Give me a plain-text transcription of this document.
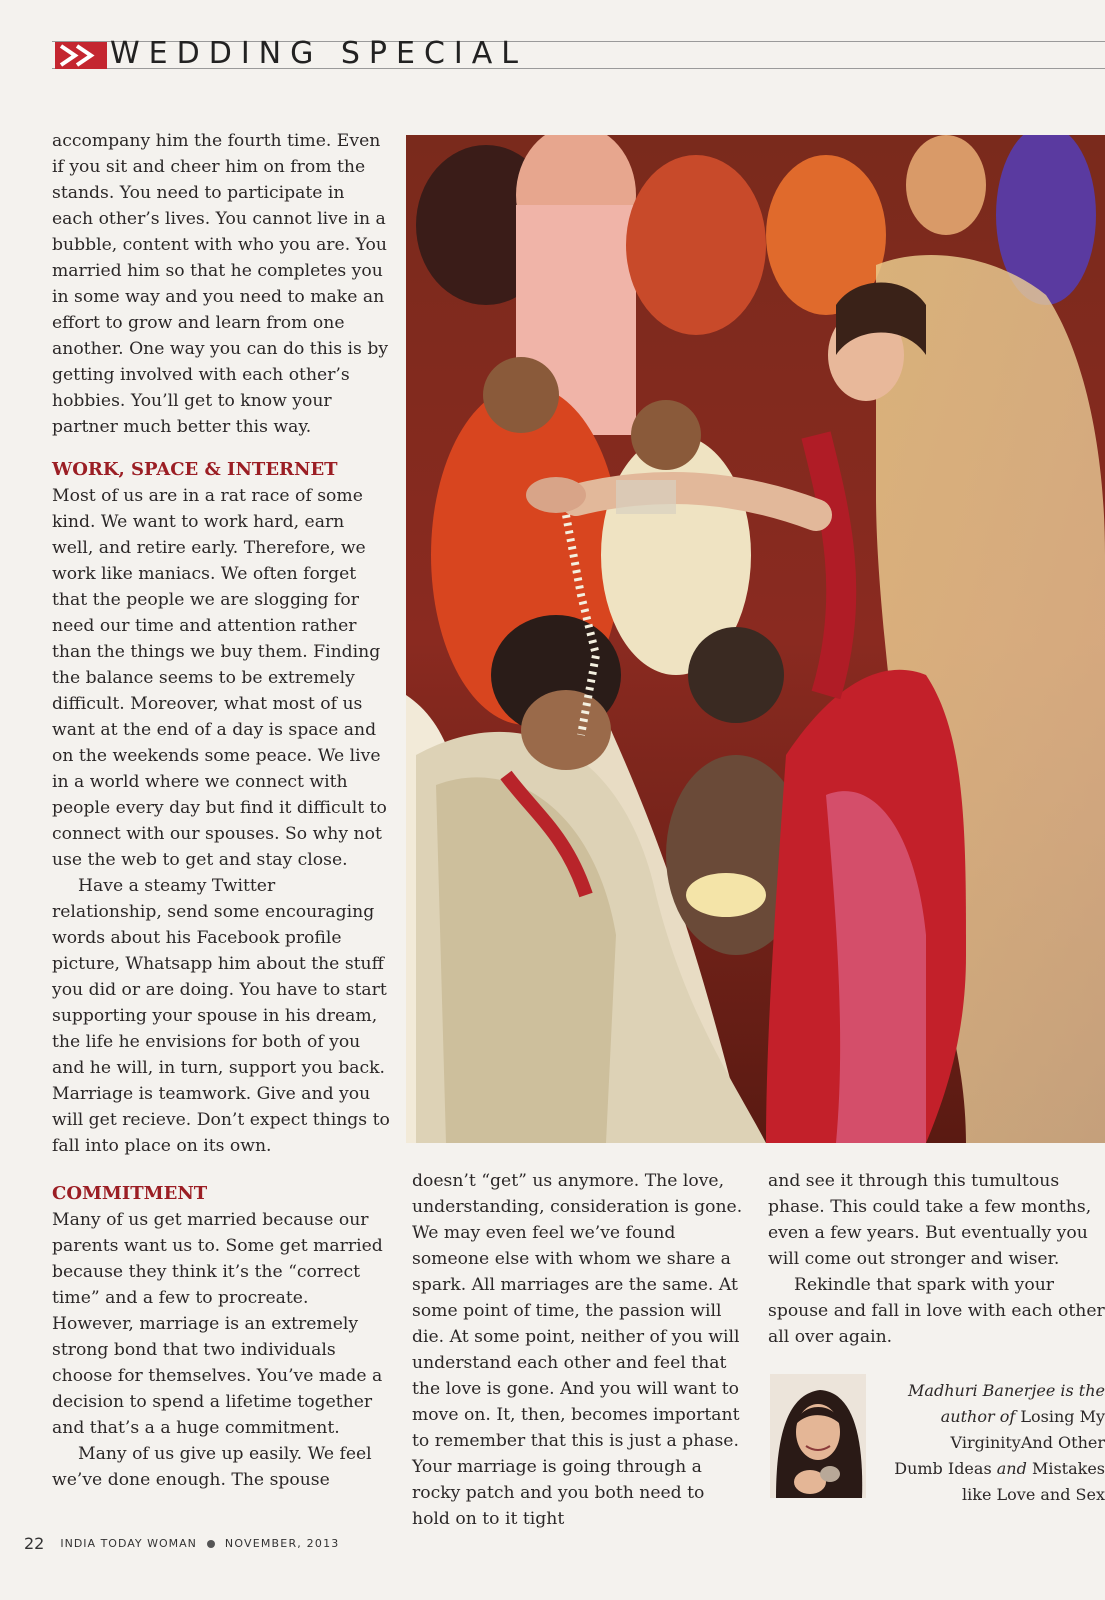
WEDDING SPECIAL

accompany him the fourth time. Even if you sit and cheer him on from the stands. You need to participate in each other’s lives. You cannot live in a bubble, content with who you are. You married him so that he completes you in some way and you need to make an effort to grow and learn from one another. One way you can do this is by getting involved with each other’s hobbies. You’ll get to know your partner much better this way.

WORK, SPACE & INTERNET

Most of us are in a rat race of some kind. We want to work hard, earn well, and retire early. Therefore, we work like maniacs. We often forget that the people we are slogging for need our time and attention rather than the things we buy them. Finding the balance seems to be extremely difficult. Moreover, what most of us want at the end of a day is space and on the weekends some peace. We live in a world where we connect with people every day but find it difficult to connect with our spouses. So why not use the web to get and stay close.

Have a steamy Twitter relationship, send some encouraging words about his Facebook profile picture, Whatsapp him about the stuff you did or are doing. You have to start supporting your spouse in his dream, the life he envisions for both of you and he will, in turn, support you back. Marriage is teamwork. Give and you will get recieve. Don’t expect things to fall into place on its own.

COMMITMENT

Many of us get married because our parents want us to. Some get married because they think it’s the “correct time” and a few to procreate. However, marriage is an extremely strong bond that two individuals choose for themselves. You’ve made a decision to spend a lifetime together and that’s a a huge commitment.

Many of us give up easily. We feel we’ve done enough. The spouse

doesn’t “get” us anymore. The love, understanding, consideration is gone. We may even feel we’ve found someone else with whom we share a spark. All marriages are the same. At some point of time, the passion will die. At some point, neither of you will understand each other and feel that the love is gone. And you will want to move on. It, then, becomes important to remember that this is just a phase. Your marriage is going through a rocky patch and you both need to hold on to it tight

and see it through this tumultous phase. This could take a few months, even a few years. But eventually you will come out stronger and wiser.

Rekindle that spark with your spouse and fall in love with each other all over again.

Madhuri Banerjee is the
author of Losing My VirginityAnd Other
Dumb Ideas and Mistakes like Love and Sex
22 INDIA TODAY WOMAN	NOVEMBER, 2013
